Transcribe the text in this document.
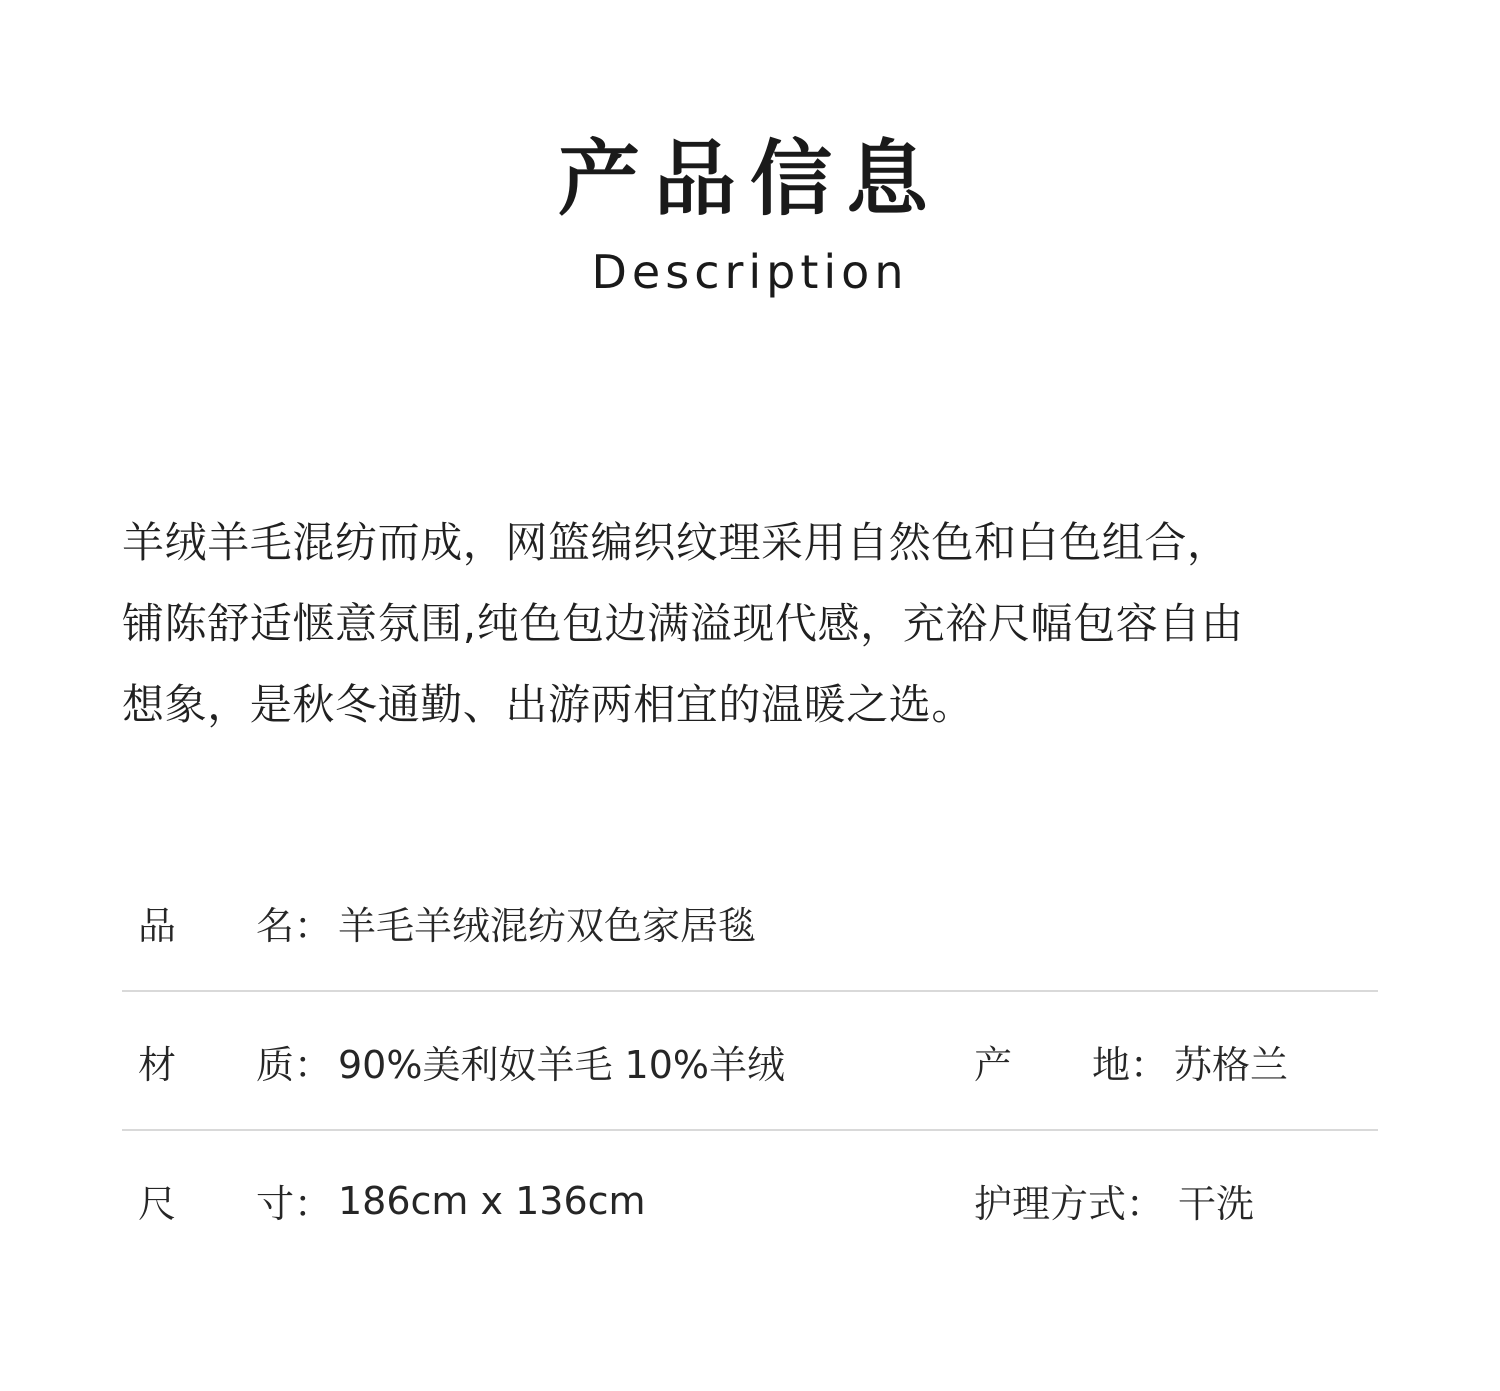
产品信息
Description
羊绒羊毛混纺而成，网篮编织纹理采用自然色和白色组合，
铺陈舒适惬意氛围,纯色包边满溢现代感，充裕尺幅包容自由
想象，是秋冬通勤、出游两相宜的温暖之选。
品 名： 羊毛羊绒混纺双色家居毯
材 质： 90%美利奴羊毛 10%羊绒	产 地： 苏格兰
尺 寸： 186cm x 136cm	护理方式： 干洗
